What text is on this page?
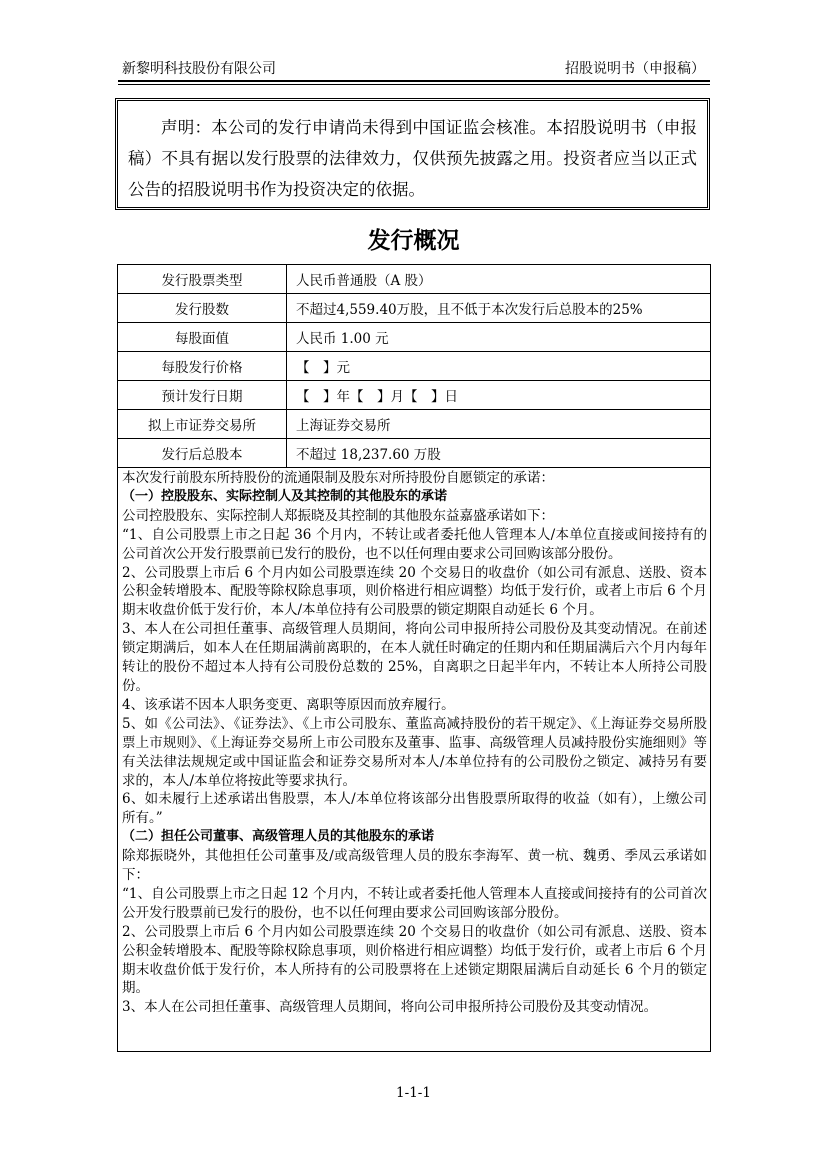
新黎明科技股份有限公司	招股说明书（申报稿）
声明：本公司的发行申请尚未得到中国证监会核准。本招股说明书（申报稿）不具有据以发行股票的法律效力，仅供预先披露之用。投资者应当以正式公告的招股说明书作为投资决定的依据。
发行概况
发行股票类型	人民币普通股（A 股）
发行股数	不超过4,559.40万股，且不低于本次发行后总股本的25%
每股面值	人民币 1.00 元
每股发行价格	【　】元
预计发行日期	【　】年【　】月【　】日
拟上市证券交易所	上海证券交易所
发行后总股本	不超过 18,237.60 万股

本次发行前股东所持股份的流通限制及股东对所持股份自愿锁定的承诺：

（一）控股股东、实际控制人及其控制的其他股东的承诺

公司控股股东、实际控制人郑振晓及其控制的其他股东益嘉盛承诺如下：

“1、自公司股票上市之日起 36 个月内，不转让或者委托他人管理本人/本单位直接或间接持有的公司首次公开发行股票前已发行的股份，也不以任何理由要求公司回购该部分股份。

2、公司股票上市后 6 个月内如公司股票连续 20 个交易日的收盘价（如公司有派息、送股、资本公积金转增股本、配股等除权除息事项，则价格进行相应调整）均低于发行价，或者上市后 6 个月期末收盘价低于发行价，本人/本单位持有公司股票的锁定期限自动延长 6 个月。

3、本人在公司担任董事、高级管理人员期间，将向公司申报所持公司股份及其变动情况。在前述锁定期满后，如本人在任期届满前离职的，在本人就任时确定的任期内和任期届满后六个月内每年转让的股份不超过本人持有公司股份总数的 25%，自离职之日起半年内，不转让本人所持公司股份。

4、该承诺不因本人职务变更、离职等原因而放弃履行。

5、如《公司法》、《证券法》、《上市公司股东、董监高减持股份的若干规定》、《上海证券交易所股票上市规则》、《上海证券交易所上市公司股东及董事、监事、高级管理人员减持股份实施细则》等有关法律法规规定或中国证监会和证券交易所对本人/本单位持有的公司股份之锁定、减持另有要求的，本人/本单位将按此等要求执行。

6、如未履行上述承诺出售股票，本人/本单位将该部分出售股票所取得的收益（如有），上缴公司所有。”

（二）担任公司董事、高级管理人员的其他股东的承诺

除郑振晓外，其他担任公司董事及/或高级管理人员的股东李海军、黄一杭、魏勇、季凤云承诺如下：

“1、自公司股票上市之日起 12 个月内，不转让或者委托他人管理本人直接或间接持有的公司首次公开发行股票前已发行的股份，也不以任何理由要求公司回购该部分股份。

2、公司股票上市后 6 个月内如公司股票连续 20 个交易日的收盘价（如公司有派息、送股、资本公积金转增股本、配股等除权除息事项，则价格进行相应调整）均低于发行价，或者上市后 6 个月期末收盘价低于发行价，本人所持有的公司股票将在上述锁定期限届满后自动延长 6 个月的锁定期。

3、本人在公司担任董事、高级管理人员期间，将向公司申报所持公司股份及其变动情况。

1-1-1
